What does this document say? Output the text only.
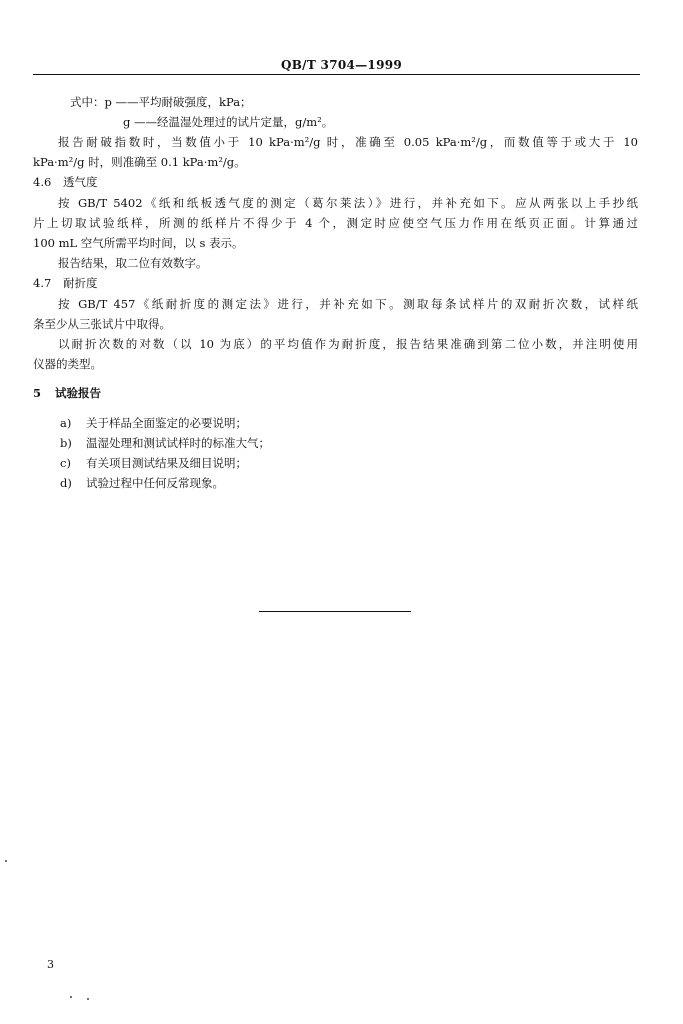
QB/T 3704—1999
式中：p ——平均耐破强度，kPa；
g ——经温湿处理过的试片定量，g/m²。
报告耐破指数时，当数值小于 10 kPa·m²/g 时，准确至 0.05 kPa·m²/g，而数值等于或大于 10
kPa·m²/g 时，则准确至 0.1 kPa·m²/g。
4.6 透气度
按 GB/T 5402《纸和纸板透气度的测定（葛尔莱法）》进行，并补充如下。应从两张以上手抄纸
片上切取试验纸样，所测的纸样片不得少于 4 个，测定时应使空气压力作用在纸页正面。计算通过
100 mL 空气所需平均时间，以 s 表示。
报告结果，取二位有效数字。
4.7 耐折度
按 GB/T 457《纸耐折度的测定法》进行，并补充如下。测取每条试样片的双耐折次数，试样纸
条至少从三张试片中取得。
以耐折次数的对数（以 10 为底）的平均值作为耐折度，报告结果准确到第二位小数，并注明使用
仪器的类型。
5 试验报告
a) 关于样品全面鉴定的必要说明；
b) 温湿处理和测试试样时的标准大气；
c) 有关项目测试结果及细目说明；
d) 试验过程中任何反常现象。
3
